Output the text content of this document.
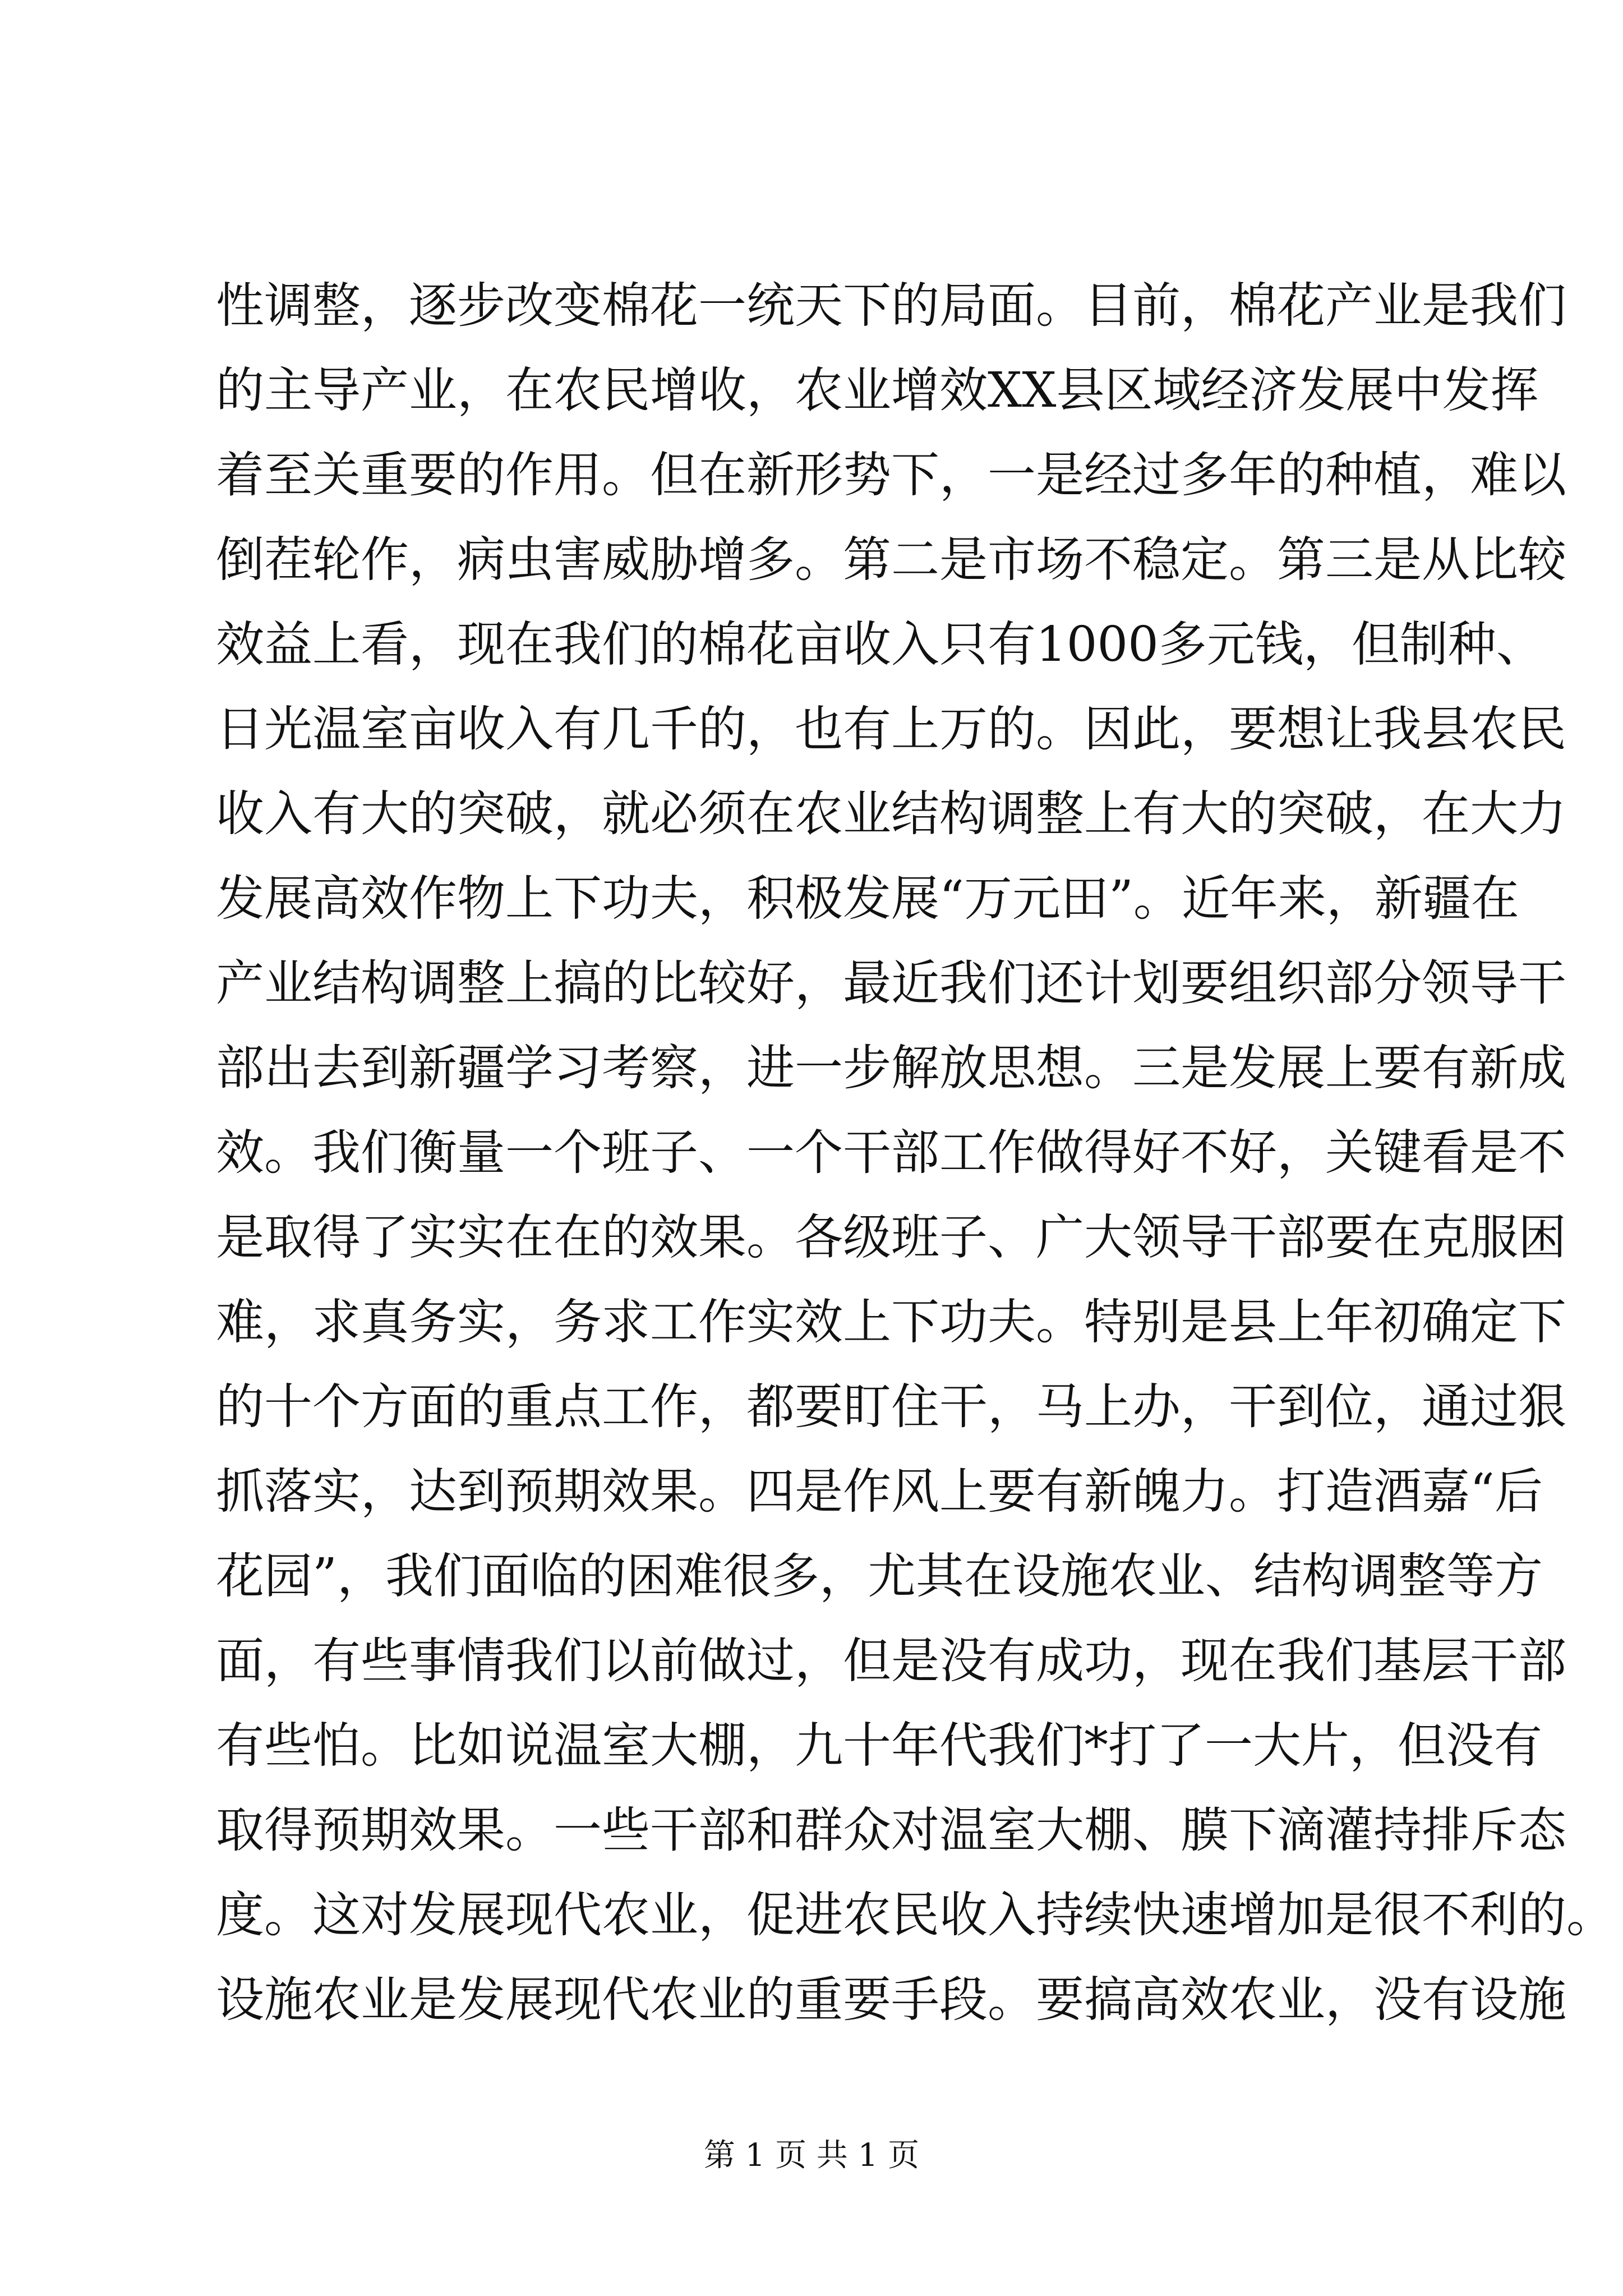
性调整，逐步改变棉花一统天下的局面。目前，棉花产业是我们
的主导产业，在农民增收，农业增效XX县区域经济发展中发挥
着至关重要的作用。但在新形势下，一是经过多年的种植，难以
倒茬轮作，病虫害威胁增多。第二是市场不稳定。第三是从比较
效益上看，现在我们的棉花亩收入只有1000多元钱，但制种、
日光温室亩收入有几千的，也有上万的。因此，要想让我县农民
收入有大的突破，就必须在农业结构调整上有大的突破，在大力
发展高效作物上下功夫，积极发展“万元田”。近年来，新疆在
产业结构调整上搞的比较好，最近我们还计划要组织部分领导干
部出去到新疆学习考察，进一步解放思想。三是发展上要有新成
效。我们衡量一个班子、一个干部工作做得好不好，关键看是不
是取得了实实在在的效果。各级班子、广大领导干部要在克服困
难，求真务实，务求工作实效上下功夫。特别是县上年初确定下
的十个方面的重点工作，都要盯住干，马上办，干到位，通过狠
抓落实，达到预期效果。四是作风上要有新魄力。打造酒嘉“后
花园”，我们面临的困难很多，尤其在设施农业、结构调整等方
面，有些事情我们以前做过，但是没有成功，现在我们基层干部
有些怕。比如说温室大棚，九十年代我们*打了一大片，但没有
取得预期效果。一些干部和群众对温室大棚、膜下滴灌持排斥态
度。这对发展现代农业，促进农民收入持续快速增加是很不利的。
设施农业是发展现代农业的重要手段。要搞高效农业，没有设施
第 1 页 共 1 页
